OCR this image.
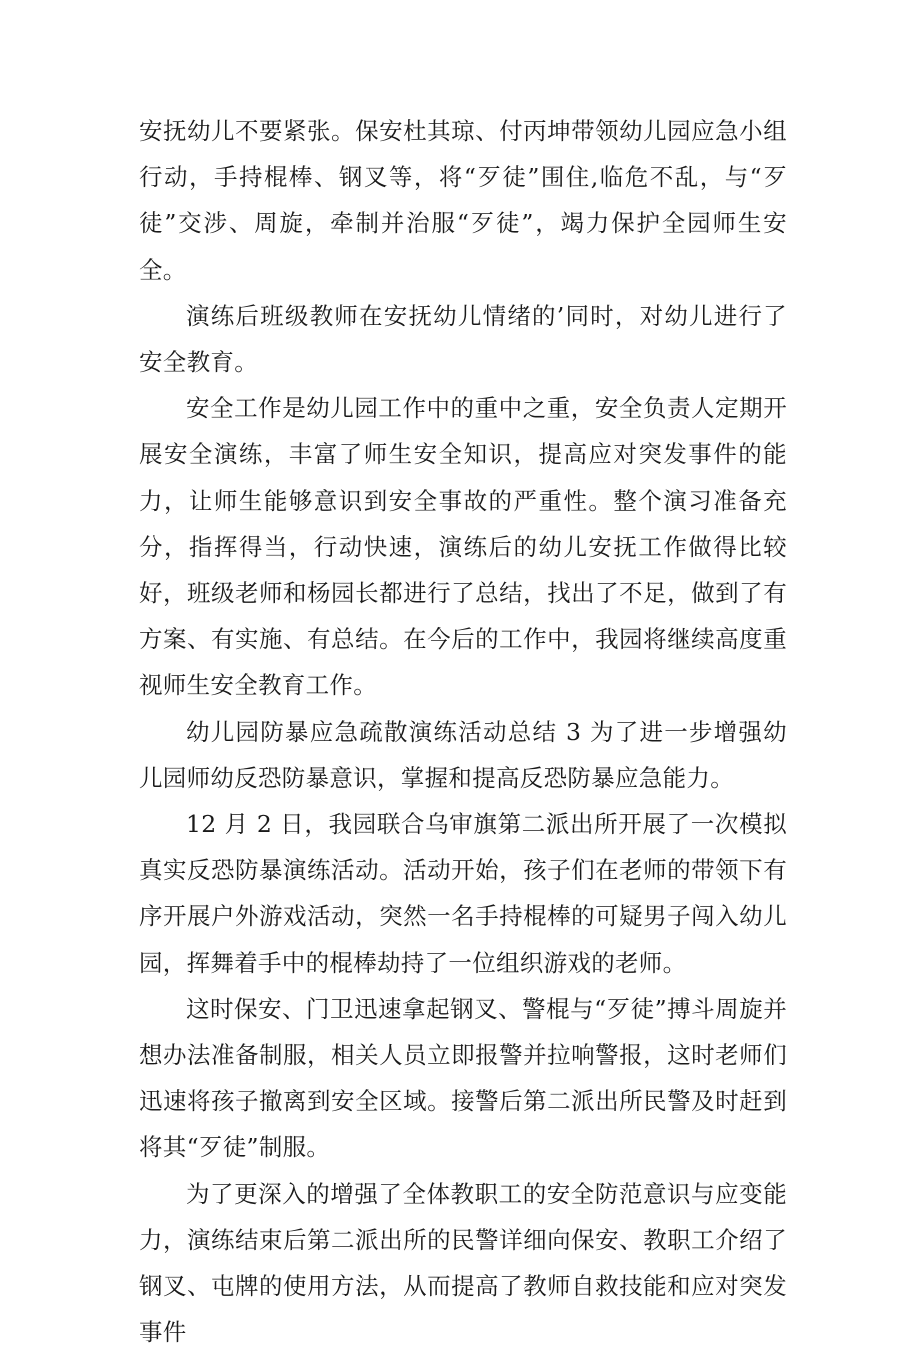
安抚幼儿不要紧张。保安杜其琼、付丙坤带领幼儿园应急小组行动，手持棍棒、钢叉等，将“歹徒”围住,临危不乱，与“歹徒”交涉、周旋，牵制并治服“歹徒”，竭力保护全园师生安全。

演练后班级教师在安抚幼儿情绪的’同时，对幼儿进行了安全教育。

安全工作是幼儿园工作中的重中之重，安全负责人定期开展安全演练，丰富了师生安全知识，提高应对突发事件的能力，让师生能够意识到安全事故的严重性。整个演习准备充分，指挥得当，行动快速，演练后的幼儿安抚工作做得比较好，班级老师和杨园长都进行了总结，找出了不足，做到了有方案、有实施、有总结。在今后的工作中，我园将继续高度重视师生安全教育工作。

幼儿园防暴应急疏散演练活动总结 3 为了进一步增强幼儿园师幼反恐防暴意识，掌握和提高反恐防暴应急能力。

12 月 2 日，我园联合乌审旗第二派出所开展了一次模拟真实反恐防暴演练活动。活动开始，孩子们在老师的带领下有序开展户外游戏活动，突然一名手持棍棒的可疑男子闯入幼儿园，挥舞着手中的棍棒劫持了一位组织游戏的老师。

这时保安、门卫迅速拿起钢叉、警棍与“歹徒”搏斗周旋并想办法准备制服，相关人员立即报警并拉响警报，这时老师们迅速将孩子撤离到安全区域。接警后第二派出所民警及时赶到将其“歹徒”制服。

为了更深入的增强了全体教职工的安全防范意识与应变能力，演练结束后第二派出所的民警详细向保安、教职工介绍了钢叉、屯牌的使用方法，从而提高了教师自救技能和应对突发事件
